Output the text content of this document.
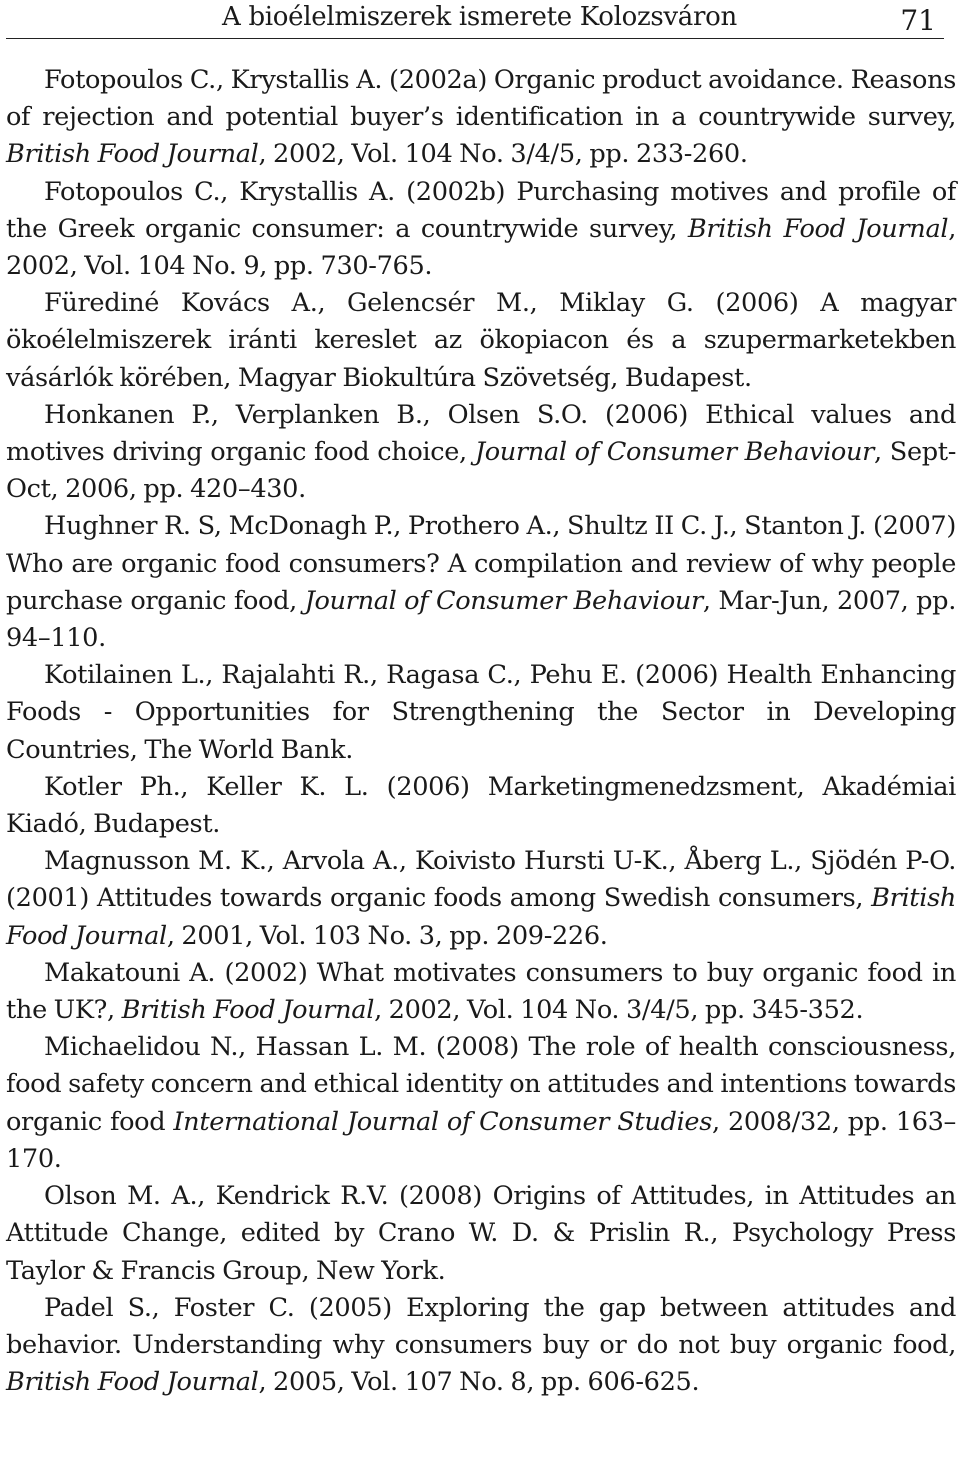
A bioélelmiszerek ismerete Kolozsváron	71

Fotopoulos C., Krystallis A. (2002a) Organic product avoidance. Reasons of rejection and potential buyer’s identification in a countrywide survey, British Food Journal, 2002, Vol. 104 No. 3/4/5, pp. 233-260.

Fotopoulos C., Krystallis A. (2002b) Purchasing motives and profile of the Greek organic consumer: a countrywide survey, British Food Journal, 2002, Vol. 104 No. 9, pp. 730-765.

Fürediné Kovács A., Gelencsér M., Miklay G. (2006) A magyar ökoélelmiszerek iránti kereslet az ökopiacon és a szupermarketekben vásárlók körében, Magyar Biokultúra Szövetség, Budapest.

Honkanen P., Verplanken B., Olsen S.O. (2006) Ethical values and motives driving organic food choice, Journal of Consumer Behaviour, Sept-Oct, 2006, pp. 420–430.

Hughner R. S, McDonagh P., Prothero A., Shultz II C. J., Stanton J. (2007) Who are organic food consumers? A compilation and review of why people purchase organic food, Journal of Consumer Behaviour, Mar-Jun, 2007, pp. 94–110.

Kotilainen L., Rajalahti R., Ragasa C., Pehu E. (2006) Health Enhancing Foods - Opportunities for Strengthening the Sector in Developing Countries, The World Bank.

Kotler Ph., Keller K. L. (2006) Marketingmenedzsment, Akadémiai Kiadó, Budapest.

Magnusson M. K., Arvola A., Koivisto Hursti U-K., Åberg L., Sjödén P-O. (2001) Attitudes towards organic foods among Swedish consumers, British Food Journal, 2001, Vol. 103 No. 3, pp. 209-226.

Makatouni A. (2002) What motivates consumers to buy organic food in the UK?, British Food Journal, 2002, Vol. 104 No. 3/4/5, pp. 345-352.

Michaelidou N., Hassan L. M. (2008) The role of health consciousness, food safety concern and ethical identity on attitudes and intentions towards organic food International Journal of Consumer Studies, 2008/32, pp. 163–170.

Olson M. A., Kendrick R.V. (2008) Origins of Attitudes, in Attitudes an Attitude Change, edited by Crano W. D. & Prislin R., Psychology Press Taylor & Francis Group, New York.

Padel S., Foster C. (2005) Exploring the gap between attitudes and behavior. Understanding why consumers buy or do not buy organic food, British Food Journal, 2005, Vol. 107 No. 8, pp. 606-625.
